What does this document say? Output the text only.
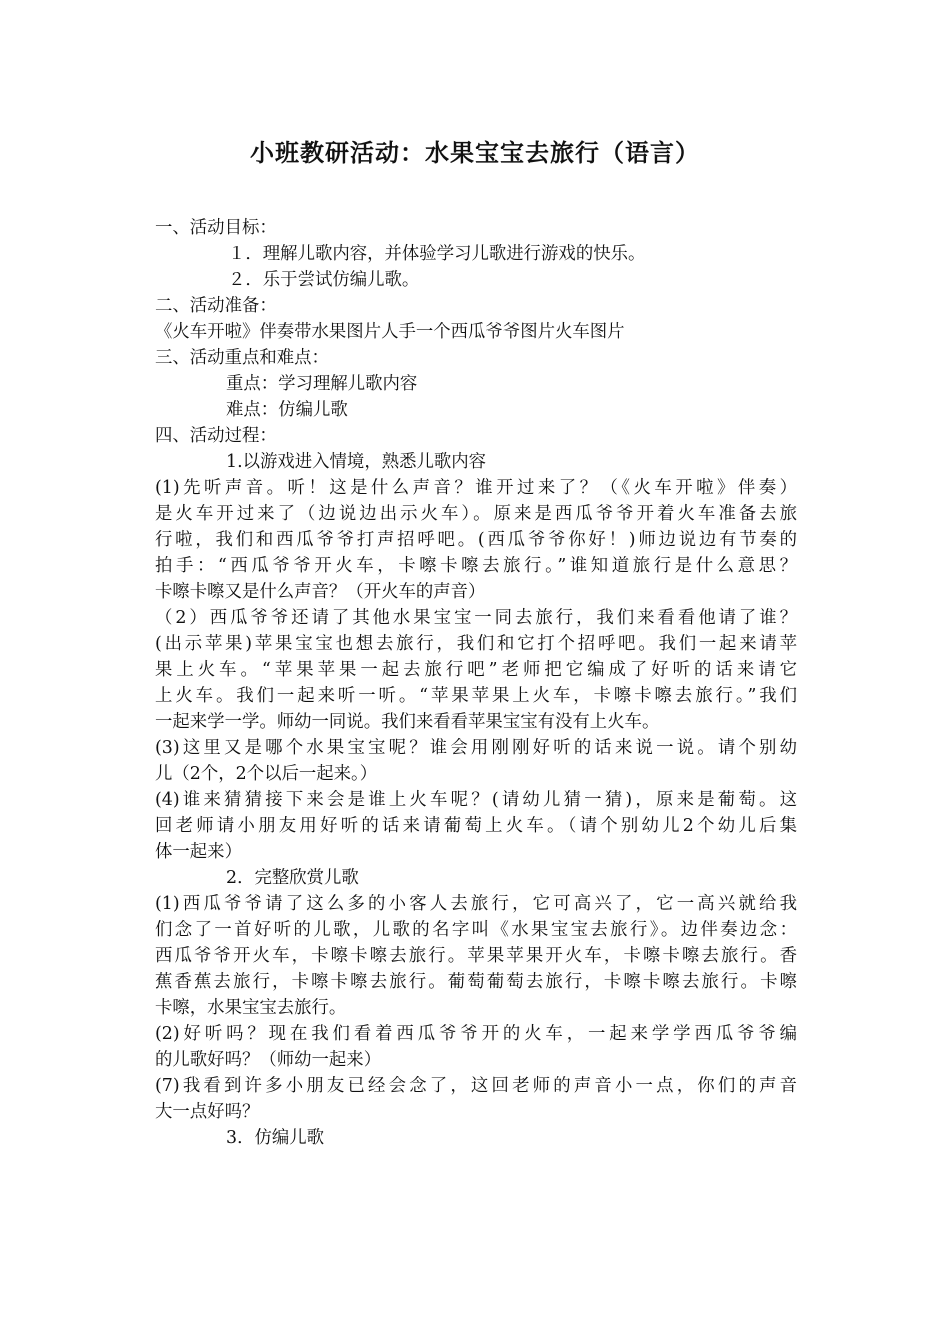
小班教研活动：水果宝宝去旅行（语言）
一、活动目标：
１．理解儿歌内容，并体验学习儿歌进行游戏的快乐。
２．乐于尝试仿编儿歌。
二、活动准备：
《火车开啦》伴奏带水果图片人手一个西瓜爷爷图片火车图片
三、活动重点和难点：
重点：学习理解儿歌内容
难点：仿编儿歌
四、活动过程：
1.以游戏进入情境，熟悉儿歌内容
(1)先听声音。听！这是什么声音？谁开过来了？（《火车开啦》伴奏）
是火车开过来了（边说边出示火车）。原来是西瓜爷爷开着火车准备去旅
行啦，我们和西瓜爷爷打声招呼吧。(西瓜爷爷你好！)师边说边有节奏的
拍手：“西瓜爷爷开火车，卡嚓卡嚓去旅行。”谁知道旅行是什么意思？
卡嚓卡嚓又是什么声音？（开火车的声音）
（2）西瓜爷爷还请了其他水果宝宝一同去旅行，我们来看看他请了谁？
(出示苹果)苹果宝宝也想去旅行，我们和它打个招呼吧。我们一起来请苹
果上火车。“苹果苹果一起去旅行吧”老师把它编成了好听的话来请它
上火车。我们一起来听一听。“苹果苹果上火车，卡嚓卡嚓去旅行。”我们
一起来学一学。师幼一同说。我们来看看苹果宝宝有没有上火车。
(3)这里又是哪个水果宝宝呢？谁会用刚刚好听的话来说一说。请个别幼
儿（2个，2个以后一起来。）
(4)谁来猜猜接下来会是谁上火车呢？(请幼儿猜一猜)，原来是葡萄。这
回老师请小朋友用好听的话来请葡萄上火车。（请个别幼儿2个幼儿后集
体一起来）
2．完整欣赏儿歌
(1)西瓜爷爷请了这么多的小客人去旅行，它可高兴了，它一高兴就给我
们念了一首好听的儿歌，儿歌的名字叫《水果宝宝去旅行》。边伴奏边念：
西瓜爷爷开火车，卡嚓卡嚓去旅行。苹果苹果开火车，卡嚓卡嚓去旅行。香
蕉香蕉去旅行，卡嚓卡嚓去旅行。葡萄葡萄去旅行，卡嚓卡嚓去旅行。卡嚓
卡嚓，水果宝宝去旅行。
(2)好听吗？现在我们看着西瓜爷爷开的火车，一起来学学西瓜爷爷编
的儿歌好吗？（师幼一起来）
(7)我看到许多小朋友已经会念了，这回老师的声音小一点，你们的声音
大一点好吗？
3．仿编儿歌
